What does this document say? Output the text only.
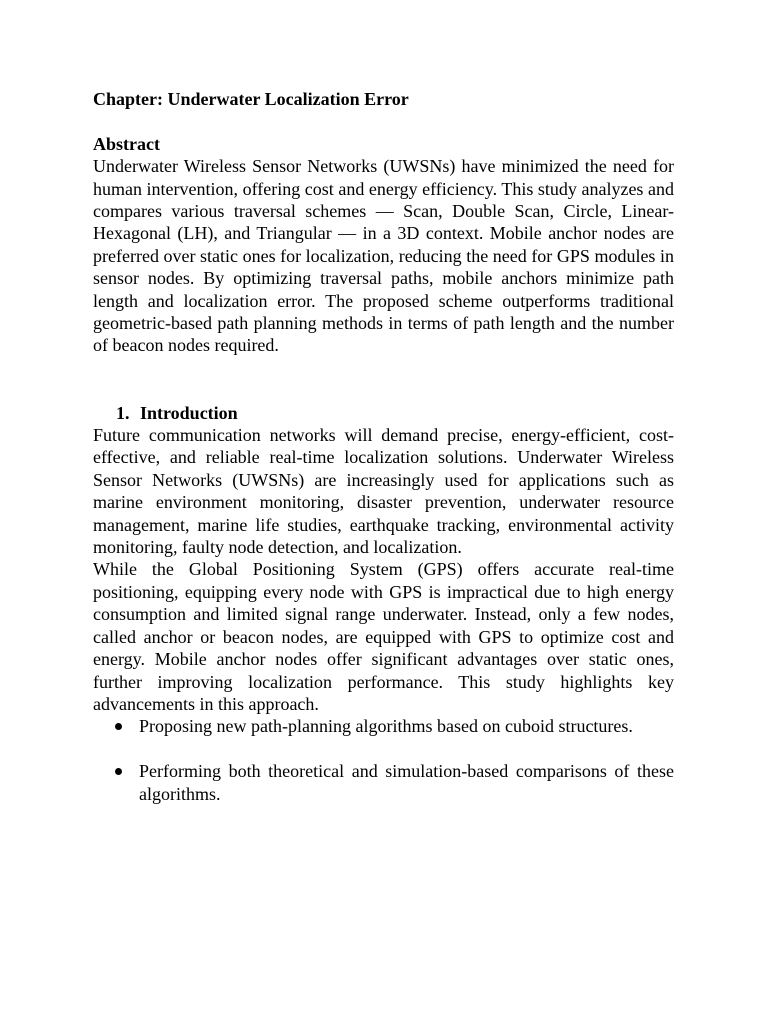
Chapter: Underwater Localization Error

Abstract

Underwater Wireless Sensor Networks (UWSNs) have minimized the need for human intervention, offering cost and energy efficiency. This study analyzes and compares various traversal schemes — Scan, Double Scan, Circle, Linear-Hexagonal (LH), and Triangular — in a 3D context. Mobile anchor nodes are preferred over static ones for localization, reducing the need for GPS modules in sensor nodes. By optimizing traversal paths, mobile anchors minimize path length and localization error. The proposed scheme outperforms traditional geometric-based path planning methods in terms of path length and the number of beacon nodes required.

1. Introduction

Future communication networks will demand precise, energy-efficient, cost-effective, and reliable real-time localization solutions. Underwater Wireless Sensor Networks (UWSNs) are increasingly used for applications such as marine environment monitoring, disaster prevention, underwater resource management, marine life studies, earthquake tracking, environmental activity monitoring, faulty node detection, and localization.

While the Global Positioning System (GPS) offers accurate real-time positioning, equipping every node with GPS is impractical due to high energy consumption and limited signal range underwater. Instead, only a few nodes, called anchor or beacon nodes, are equipped with GPS to optimize cost and energy. Mobile anchor nodes offer significant advantages over static ones, further improving localization performance. This study highlights key advancements in this approach.

Proposing new path-planning algorithms based on cuboid structures.
Performing both theoretical and simulation-based comparisons of these algorithms.
